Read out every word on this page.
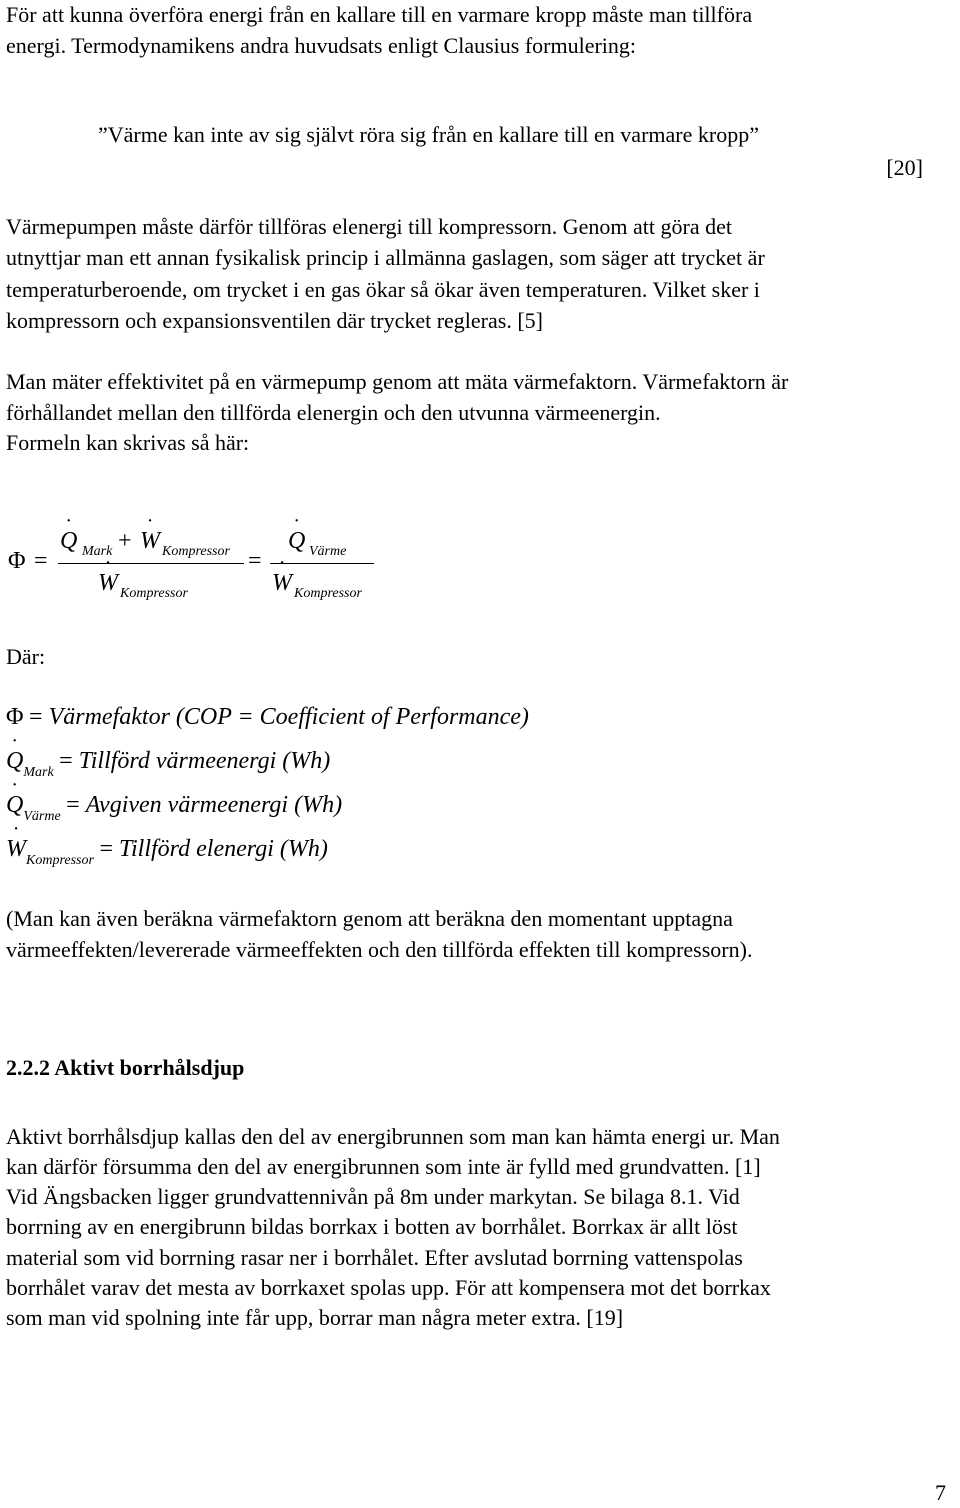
För att kunna överföra energi från en kallare till en varmare kropp måste man tillföra
energi. Termodynamikens andra huvudsats enligt Clausius formulering:
”Värme kan inte av sig självt röra sig från en kallare till en varmare kropp”
[20]
Värmepumpen måste därför tillföras elenergi till kompressorn. Genom att göra det
utnyttjar man ett annan fysikalisk princip i allmänna gaslagen, som säger att trycket är
temperaturberoende, om trycket i en gas ökar så ökar även temperaturen. Vilket sker i
kompressorn och expansionsventilen där trycket regleras. [5]
Man mäter effektivitet på en värmepump genom att mäta värmefaktorn. Värmefaktorn är
förhållandet mellan den tillförda elenergin och den utvunna värmeenergin.
Formeln kan skrivas så här:
Φ =
˙ Q Mark +
˙ W Kompressor
˙ W Kompressor
=
˙ Q Värme
˙ W Kompressor
Där:
Φ = Värmefaktor (COP = Coefficient of Performance)
˙ $Q_{Mark}$ = Tillförd värmeenergi (Wh)
˙ $Q_{Värme}$ = Avgiven värmeenergi (Wh)
˙ $W_{Kompressor}$ = Tillförd elenergi (Wh)
(Man kan även beräkna värmefaktorn genom att beräkna den momentant upptagna
värmeeffekten/levererade värmeeffekten och den tillförda effekten till kompressorn).
2.2.2 Aktivt borrhålsdjup
Aktivt borrhålsdjup kallas den del av energibrunnen som man kan hämta energi ur. Man
kan därför försumma den del av energibrunnen som inte är fylld med grundvatten. [1]
Vid Ängsbacken ligger grundvattennivån på 8m under markytan. Se bilaga 8.1. Vid
borrning av en energibrunn bildas borrkax i botten av borrhålet. Borrkax är allt löst
material som vid borrning rasar ner i borrhålet. Efter avslutad borrning vattenspolas
borrhålet varav det mesta av borrkaxet spolas upp. För att kompensera mot det borrkax
som man vid spolning inte får upp, borrar man några meter extra. [19]
7
